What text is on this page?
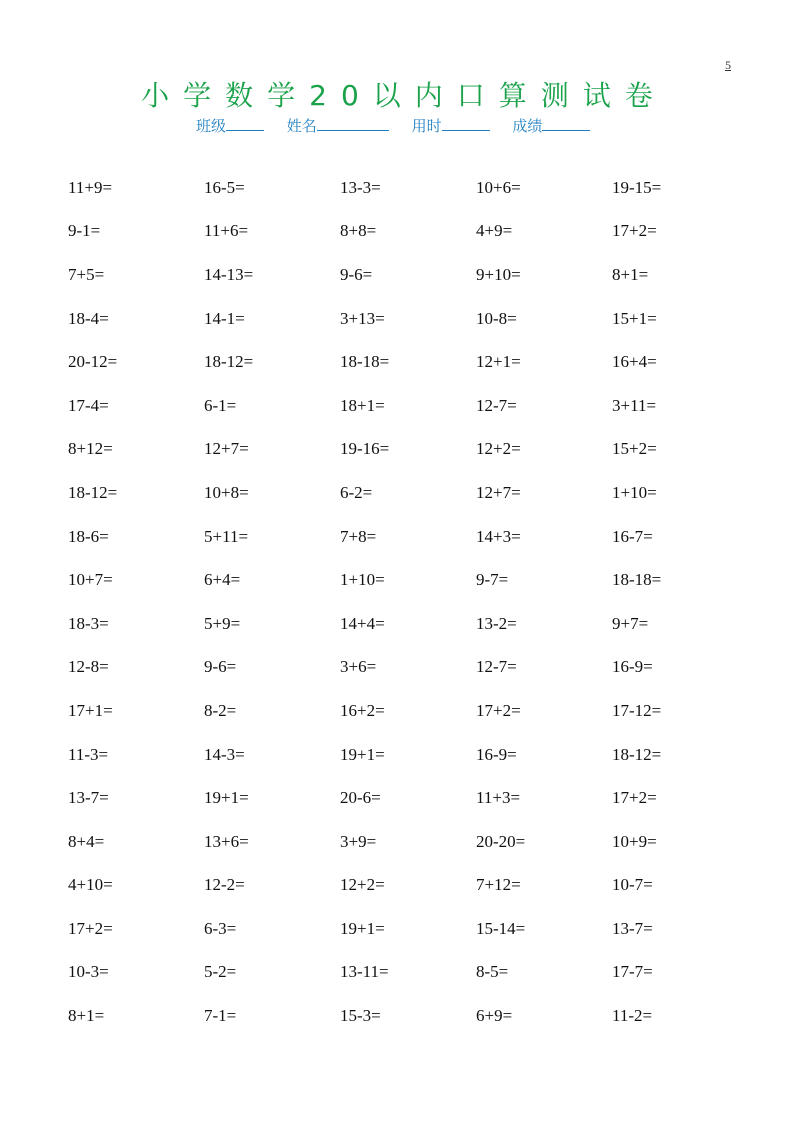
5
小学数学20以内口算测试卷
班级	姓名	用时	成绩
11+9=	16-5=	13-3=	10+6=	19-15=
9-1=	11+6=	8+8=	4+9=	17+2=
7+5=	14-13=	9-6=	9+10=	8+1=
18-4=	14-1=	3+13=	10-8=	15+1=
20-12=	18-12=	18-18=	12+1=	16+4=
17-4=	6-1=	18+1=	12-7=	3+11=
8+12=	12+7=	19-16=	12+2=	15+2=
18-12=	10+8=	6-2=	12+7=	1+10=
18-6=	5+11=	7+8=	14+3=	16-7=
10+7=	6+4=	1+10=	9-7=	18-18=
18-3=	5+9=	14+4=	13-2=	9+7=
12-8=	9-6=	3+6=	12-7=	16-9=
17+1=	8-2=	16+2=	17+2=	17-12=
11-3=	14-3=	19+1=	16-9=	18-12=
13-7=	19+1=	20-6=	11+3=	17+2=
8+4=	13+6=	3+9=	20-20=	10+9=
4+10=	12-2=	12+2=	7+12=	10-7=
17+2=	6-3=	19+1=	15-14=	13-7=
10-3=	5-2=	13-11=	8-5=	17-7=
8+1=	7-1=	15-3=	6+9=	11-2=
